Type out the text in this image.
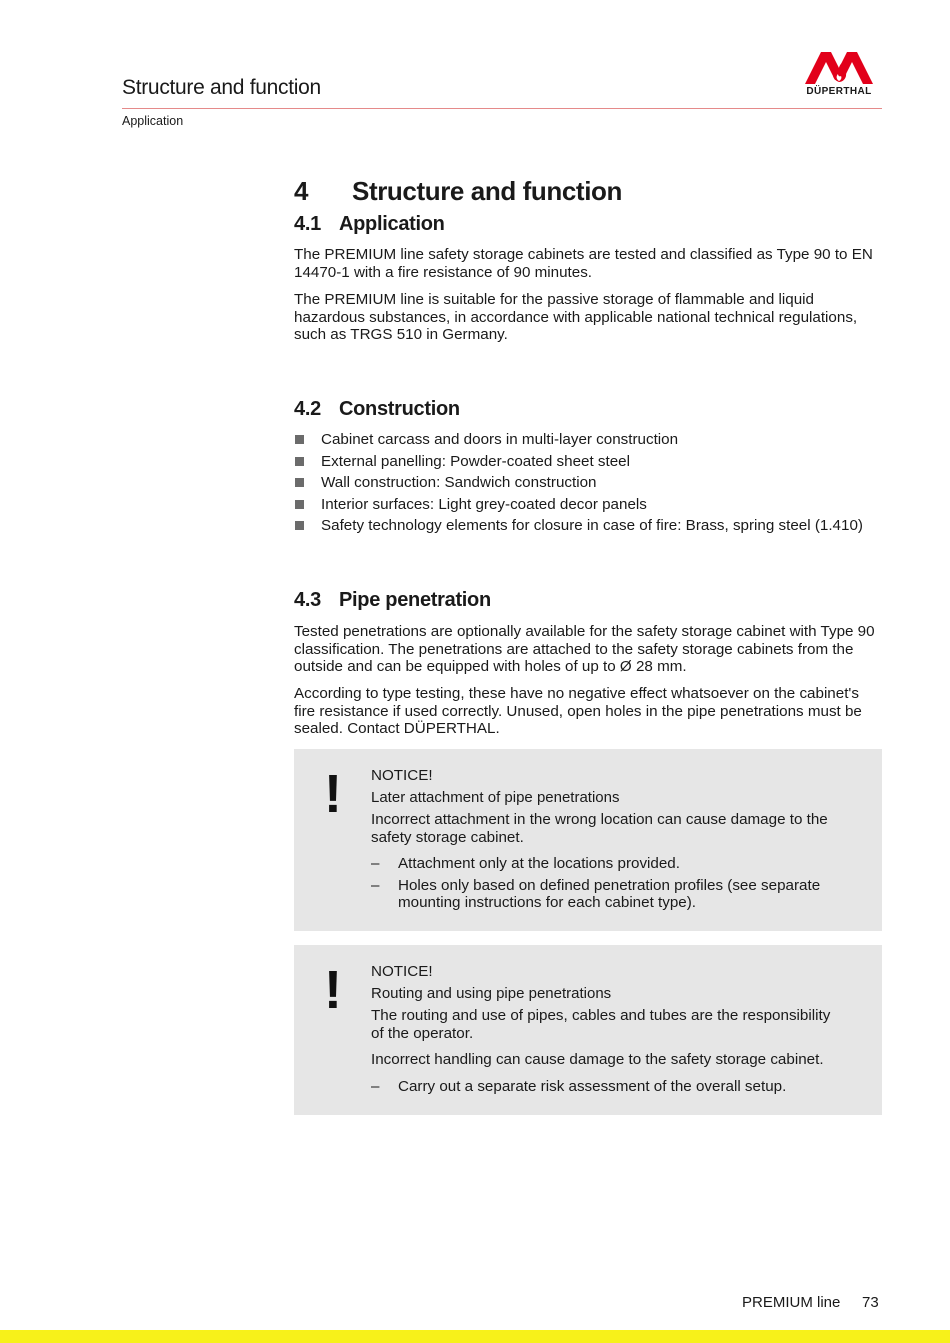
Structure and function
Application
DÜPERTHAL
4 Structure and function
4.1 Application
The PREMIUM line safety storage cabinets are tested and classified as Type 90 to EN 14470-1 with a fire resistance of 90 minutes.
The PREMIUM line is suitable for the passive storage of flammable and liquid hazardous substances, in accordance with applicable national technical regulations, such as TRGS 510 in Germany.
4.2 Construction
Cabinet carcass and doors in multi-layer construction
External panelling: Powder-coated sheet steel
Wall construction: Sandwich construction
Interior surfaces: Light grey-coated decor panels
Safety technology elements for closure in case of fire: Brass, spring steel (1.410)
4.3 Pipe penetration
Tested penetrations are optionally available for the safety storage cabinet with Type 90 classification. The penetrations are attached to the safety storage cabinets from the outside and can be equipped with holes of up to Ø 28 mm.
According to type testing, these have no negative effect whatsoever on the cabinet's fire resistance if used correctly. Unused, open holes in the pipe penetrations must be sealed. Contact DÜPERTHAL.
!	NOTICE!
Later attachment of pipe penetrations
Incorrect attachment in the wrong location can cause damage to the safety storage cabinet.
– Attachment only at the locations provided.
– Holes only based on defined penetration profiles (see separate mounting instructions for each cabinet type).
!	NOTICE!
Routing and using pipe penetrations
The routing and use of pipes, cables and tubes are the responsibility of the operator.
Incorrect handling can cause damage to the safety storage cabinet.
– Carry out a separate risk assessment of the overall setup.
PREMIUM line 73
